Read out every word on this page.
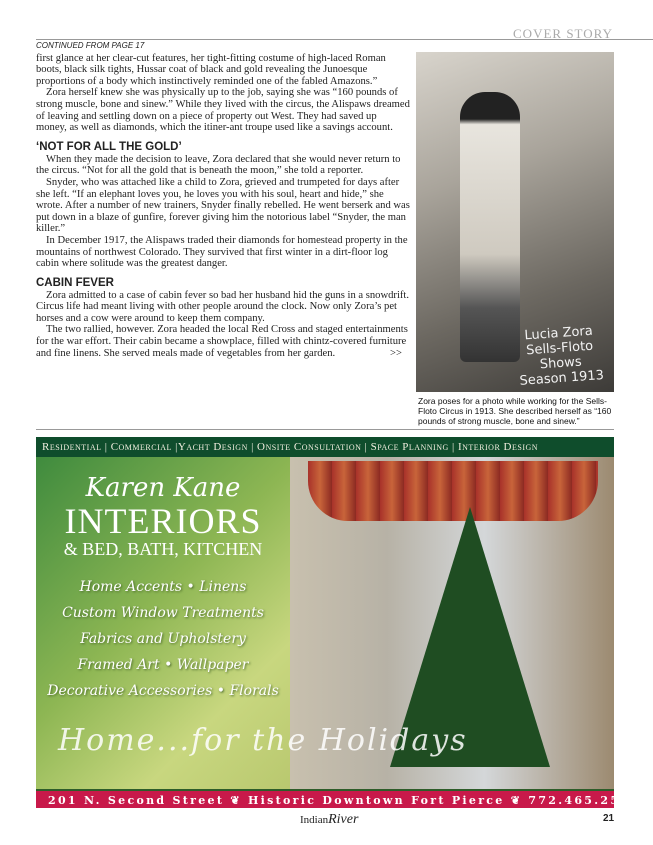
COVER STORY
CONTINUED FROM PAGE 17

first glance at her clear-cut features, her tight-fitting costume of high-laced Roman boots, black silk tights, Hussar coat of black and gold revealing the Junoesque proportions of a body which instinctively reminded one of the fabled Amazons.”

Zora herself knew she was physically up to the job, saying she was “160 pounds of strong muscle, bone and sinew.” While they lived with the circus, the Alispaws dreamed of leaving and settling down on a piece of property out West. They had saved up money, as well as diamonds, which the itiner-ant troupe used like a savings account.

‘NOT FOR ALL THE GOLD’

When they made the decision to leave, Zora declared that she would never return to the circus. “Not for all the gold that is beneath the moon,” she told a reporter.

Snyder, who was attached like a child to Zora, grieved and trumpeted for days after she left. “If an elephant loves you, he loves you with his soul, heart and hide,” she wrote. After a number of new trainers, Snyder finally rebelled. He went berserk and was put down in a blaze of gunfire, forever giving him the notorious label “Snyder, the man killer.”

In December 1917, the Alispaws traded their diamonds for homestead property in the mountains of northwest Colorado. They survived that first winter in a dirt-floor log cabin where solitude was the greatest danger.

CABIN FEVER

Zora admitted to a case of cabin fever so bad her husband hid the guns in a snowdrift. Circus life had meant living with other people around the clock. Now only Zora’s pet horses and a cow were around to keep them company.

The two rallied, however. Zora headed the local Red Cross and staged entertainments for the war effort. Their cabin became a showplace, filled with chintz-covered furniture and fine linens. She served meals made of vegetables from her garden.	>>

Lucia Zora
Sells-Floto
Shows
Season 1913
Zora poses for a photo while working for the Sells-Floto Circus in 1913. She described herself as “160 pounds of strong muscle, bone and sinew.”
Residential | Commercial |Yacht Design | Onsite Consultation | Space Planning | Interior Design
Karen Kane
INTERIORS
& BED, BATH, KITCHEN
Home Accents • Linens
Custom Window Treatments
Fabrics and Upholstery
Framed Art • Wallpaper
Decorative Accessories • Florals
Home...for the Holidays
201 N. Second Street ❦ Historic Downtown Fort Pierce ❦ 772.465.2574
IndianRiver	21
